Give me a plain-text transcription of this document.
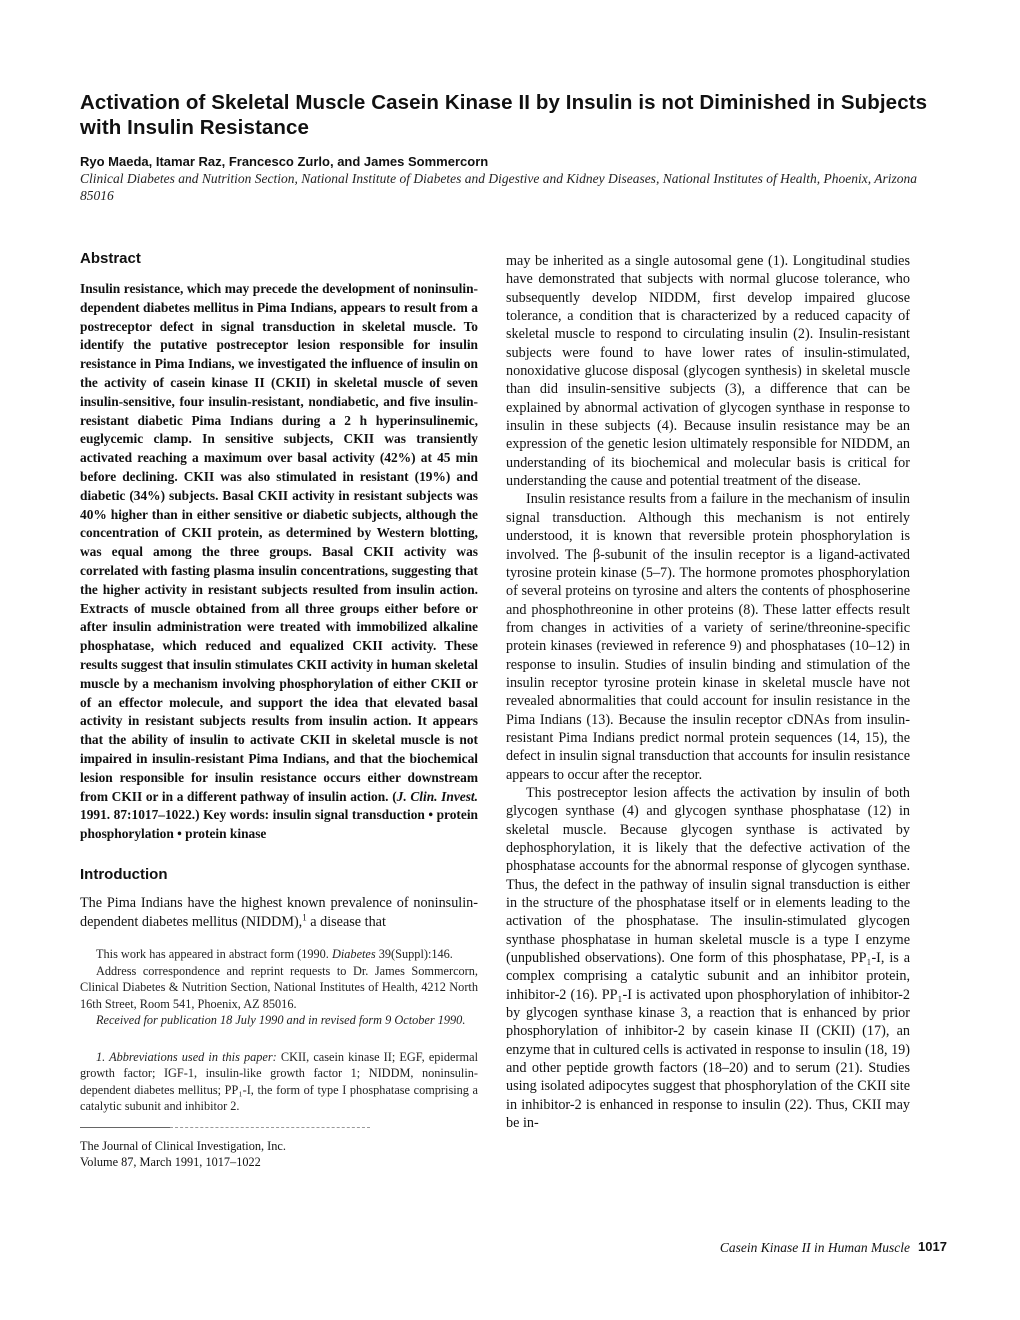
Activation of Skeletal Muscle Casein Kinase II by Insulin is not Diminished in Subjects with Insulin Resistance
Ryo Maeda, Itamar Raz, Francesco Zurlo, and James Sommercorn
Clinical Diabetes and Nutrition Section, National Institute of Diabetes and Digestive and Kidney Diseases, National Institutes of Health, Phoenix, Arizona 85016
Abstract

Insulin resistance, which may precede the development of noninsulin-dependent diabetes mellitus in Pima Indians, appears to result from a postreceptor defect in signal transduction in skeletal muscle. To identify the putative postreceptor lesion responsible for insulin resistance in Pima Indians, we investigated the influence of insulin on the activity of casein kinase II (CKII) in skeletal muscle of seven insulin-sensitive, four insulin-resistant, nondiabetic, and five insulin-resistant diabetic Pima Indians during a 2 h hyperinsulinemic, euglycemic clamp. In sensitive subjects, CKII was transiently activated reaching a maximum over basal activity (42%) at 45 min before declining. CKII was also stimulated in resistant (19%) and diabetic (34%) subjects. Basal CKII activity in resistant subjects was 40% higher than in either sensitive or diabetic subjects, although the concentration of CKII protein, as determined by Western blotting, was equal among the three groups. Basal CKII activity was correlated with fasting plasma insulin concentrations, suggesting that the higher activity in resistant subjects resulted from insulin action. Extracts of muscle obtained from all three groups either before or after insulin administration were treated with immobilized alkaline phosphatase, which reduced and equalized CKII activity. These results suggest that insulin stimulates CKII activity in human skeletal muscle by a mechanism involving phosphorylation of either CKII or of an effector molecule, and support the idea that elevated basal activity in resistant subjects results from insulin action. It appears that the ability of insulin to activate CKII in skeletal muscle is not impaired in insulin-resistant Pima Indians, and that the biochemical lesion responsible for insulin resistance occurs either downstream from CKII or in a different pathway of insulin action. (J. Clin. Invest. 1991. 87:1017–1022.) Key words: insulin signal transduction • protein phosphorylation • protein kinase

Introduction

The Pima Indians have the highest known prevalence of noninsulin-dependent diabetes mellitus (NIDDM),$^1$ a disease that

This work has appeared in abstract form (1990. Diabetes 39(Suppl):146.

Address correspondence and reprint requests to Dr. James Sommercorn, Clinical Diabetes & Nutrition Section, National Institutes of Health, 4212 North 16th Street, Room 541, Phoenix, AZ 85016.

Received for publication 18 July 1990 and in revised form 9 October 1990.

1. Abbreviations used in this paper: CKII, casein kinase II; EGF, epidermal growth factor; IGF-1, insulin-like growth factor 1; NIDDM, noninsulin-dependent diabetes mellitus; PP₁-I, the form of type I phosphatase comprising a catalytic subunit and inhibitor 2.

The Journal of Clinical Investigation, Inc.
Volume 87, March 1991, 1017–1022

may be inherited as a single autosomal gene (1). Longitudinal studies have demonstrated that subjects with normal glucose tolerance, who subsequently develop NIDDM, first develop impaired glucose tolerance, a condition that is characterized by a reduced capacity of skeletal muscle to respond to circulating insulin (2). Insulin-resistant subjects were found to have lower rates of insulin-stimulated, nonoxidative glucose disposal (glycogen synthesis) in skeletal muscle than did insulin-sensitive subjects (3), a difference that can be explained by abnormal activation of glycogen synthase in response to insulin in these subjects (4). Because insulin resistance may be an expression of the genetic lesion ultimately responsible for NIDDM, an understanding of its biochemical and molecular basis is critical for understanding the cause and potential treatment of the disease.

Insulin resistance results from a failure in the mechanism of insulin signal transduction. Although this mechanism is not entirely understood, it is known that reversible protein phosphorylation is involved. The β-subunit of the insulin receptor is a ligand-activated tyrosine protein kinase (5–7). The hormone promotes phosphorylation of several proteins on tyrosine and alters the contents of phosphoserine and phosphothreonine in other proteins (8). These latter effects result from changes in activities of a variety of serine/threonine-specific protein kinases (reviewed in reference 9) and phosphatases (10–12) in response to insulin. Studies of insulin binding and stimulation of the insulin receptor tyrosine protein kinase in skeletal muscle have not revealed abnormalities that could account for insulin resistance in the Pima Indians (13). Because the insulin receptor cDNAs from insulin-resistant Pima Indians predict normal protein sequences (14, 15), the defect in insulin signal transduction that accounts for insulin resistance appears to occur after the receptor.

This postreceptor lesion affects the activation by insulin of both glycogen synthase (4) and glycogen synthase phosphatase (12) in skeletal muscle. Because glycogen synthase is activated by dephosphorylation, it is likely that the defective activation of the phosphatase accounts for the abnormal response of glycogen synthase. Thus, the defect in the pathway of insulin signal transduction is either in the structure of the phosphatase itself or in elements leading to the activation of the phosphatase. The insulin-stimulated glycogen synthase phosphatase in human skeletal muscle is a type I enzyme (unpublished observations). One form of this phosphatase, PP₁-I, is a complex comprising a catalytic subunit and an inhibitor protein, inhibitor-2 (16). PP₁-I is activated upon phosphorylation of inhibitor-2 by glycogen synthase kinase 3, a reaction that is enhanced by prior phosphorylation of inhibitor-2 by casein kinase II (CKII) (17), an enzyme that in cultured cells is activated in response to insulin (18, 19) and other peptide growth factors (18–20) and to serum (21). Studies using isolated adipocytes suggest that phosphorylation of the CKII site in inhibitor-2 is enhanced in response to insulin (22). Thus, CKII may be in-

Casein Kinase II in Human Muscle 1017
